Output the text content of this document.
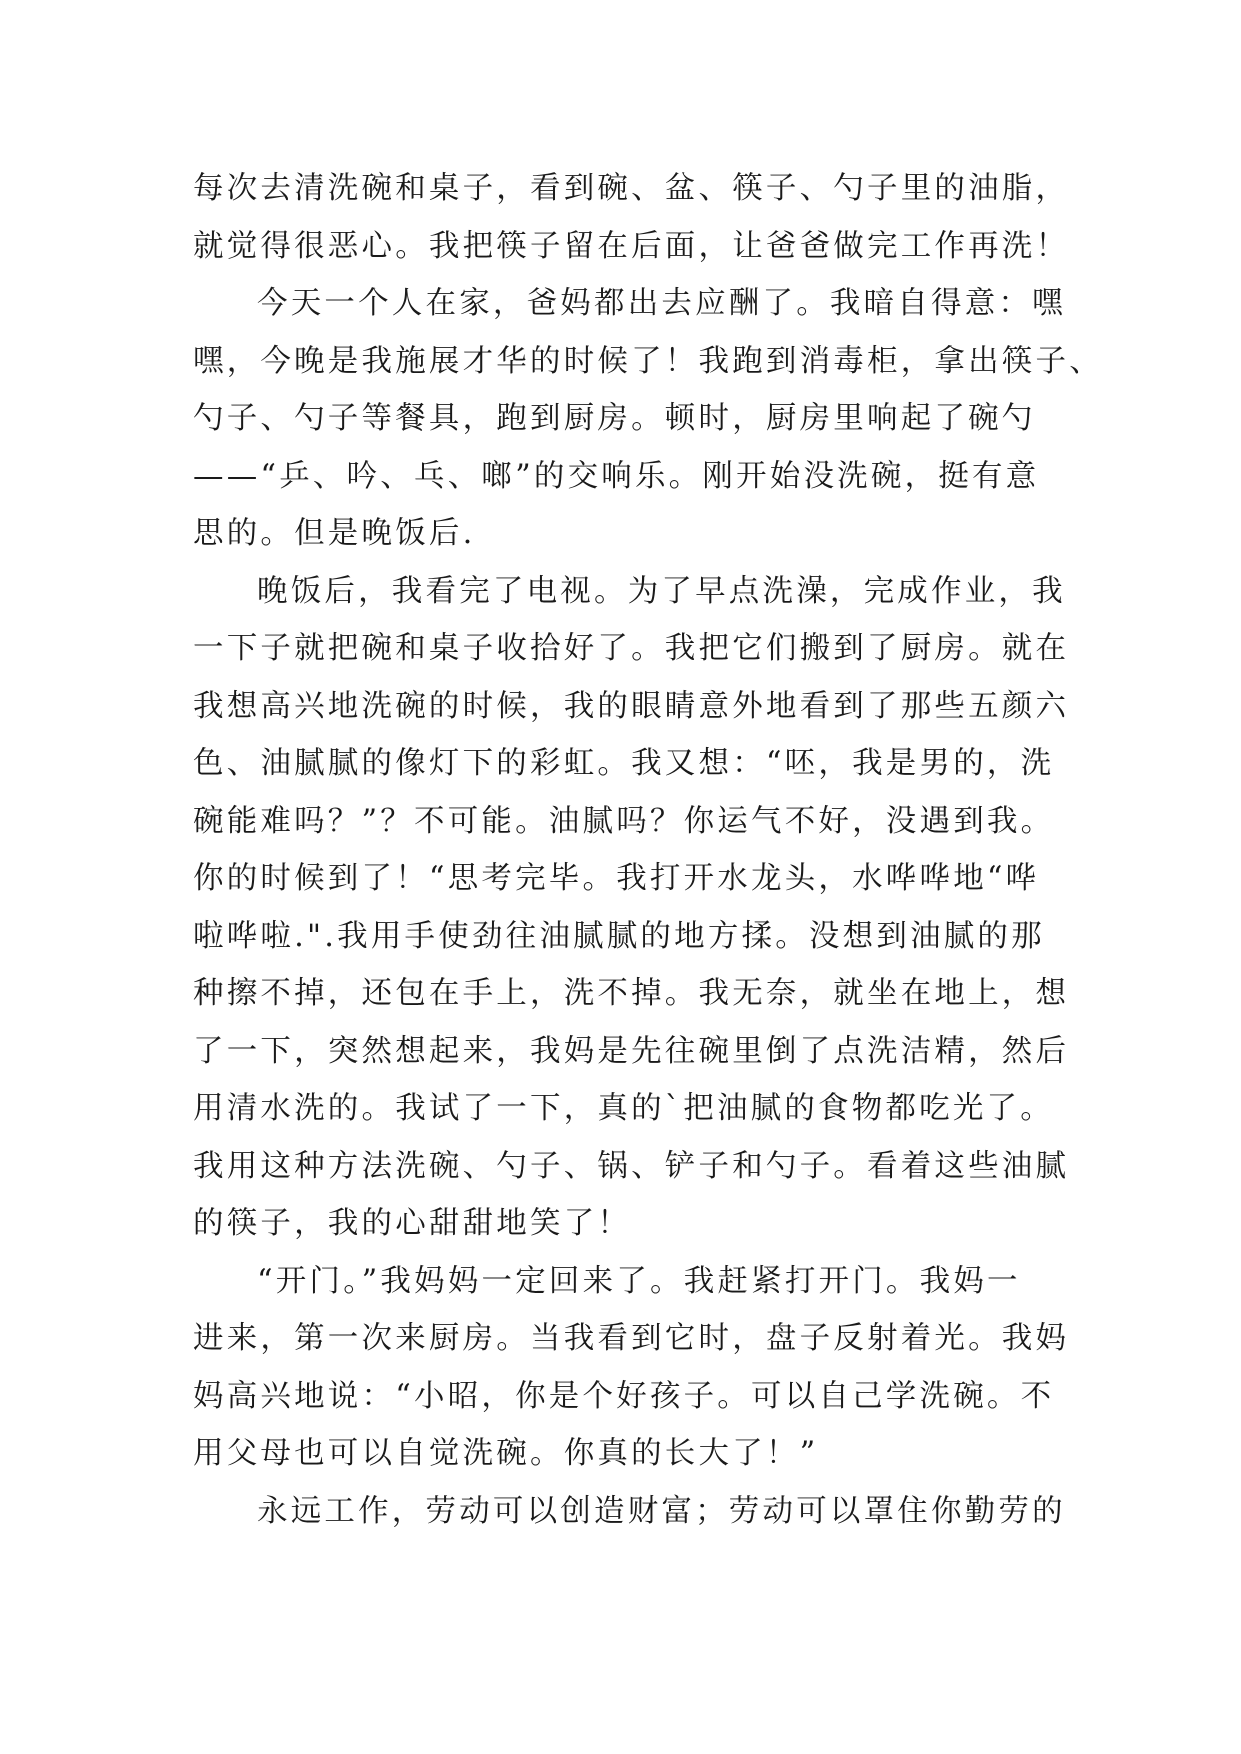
每次去清洗碗和桌子，看到碗、盆、筷子、勺子里的油脂，
就觉得很恶心。我把筷子留在后面，让爸爸做完工作再洗！
今天一个人在家，爸妈都出去应酬了。我暗自得意：嘿
嘿，今晚是我施展才华的时候了！我跑到消毒柜，拿出筷子、
勺子、勺子等餐具，跑到厨房。顿时，厨房里响起了碗勺
——“乒、吟、乓、啷”的交响乐。刚开始没洗碗，挺有意
思的。但是晚饭后.
晚饭后，我看完了电视。为了早点洗澡，完成作业，我
一下子就把碗和桌子收拾好了。我把它们搬到了厨房。就在
我想高兴地洗碗的时候，我的眼睛意外地看到了那些五颜六
色、油腻腻的像灯下的彩虹。我又想：“呸，我是男的，洗
碗能难吗？”？不可能。油腻吗？你运气不好，没遇到我。
你的时候到了！“思考完毕。我打开水龙头，水哗哗地“哗
啦哗啦.".我用手使劲往油腻腻的地方揉。没想到油腻的那
种擦不掉，还包在手上，洗不掉。我无奈，就坐在地上，想
了一下，突然想起来，我妈是先往碗里倒了点洗洁精，然后
用清水洗的。我试了一下，真的`把油腻的食物都吃光了。
我用这种方法洗碗、勺子、锅、铲子和勺子。看着这些油腻
的筷子，我的心甜甜地笑了！
“开门。”我妈妈一定回来了。我赶紧打开门。我妈一
进来，第一次来厨房。当我看到它时，盘子反射着光。我妈
妈高兴地说：“小昭，你是个好孩子。可以自己学洗碗。不
用父母也可以自觉洗碗。你真的长大了！”
永远工作，劳动可以创造财富；劳动可以罩住你勤劳的
